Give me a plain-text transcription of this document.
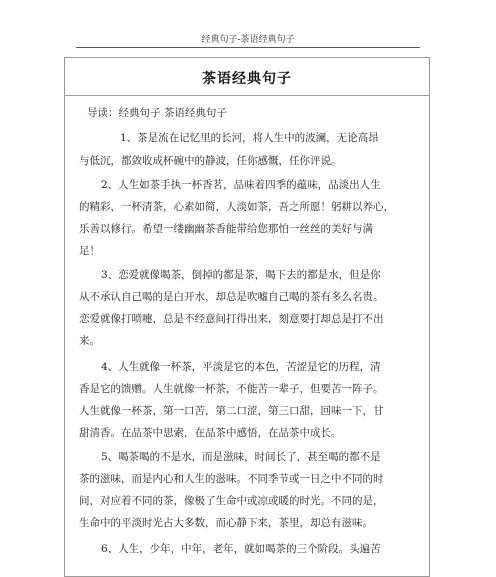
经典句子-茶语经典句子
茶语经典句子
导读：经典句子 茶语经典句子
1、茶是流在记忆里的长河，将人生中的波澜，无论高昂
与低沉，都敛收成杯碗中的静波，任你感慨，任你评说。
2、人生如茶手执一杯香茗，品味着四季的蕴味，品淡出人生
的精彩，一杯清茶，心素如简，人淡如茶，吾之所愿！躬耕以养心，
乐善以修行。希望一缕幽幽茶香能带给您那怕一丝丝的美好与满
足！
3、恋爱就像喝茶，倒掉的都是茶，喝下去的都是水，但是你
从不承认自己喝的是白开水，却总是吹嘘自己喝的茶有多么名贵。
恋爱就像打喷嚏，总是不经意间打得出来，刻意要打却总是打不出
来。
4、人生就像一杯茶，平淡是它的本色，苦涩是它的历程，清
香是它的馈赠。人生就像一杯茶，不能苦一辈子，但要苦一阵子。
人生就像一杯茶，第一口苦，第二口涩，第三口甜，回味一下，甘
甜清香。在品茶中思索，在品茶中感悟，在品茶中成长。
5、喝茶喝的不是水，而是滋味，时间长了，甚至喝的都不是
茶的滋味，而是内心和人生的滋味。不同季节或一日之中不同的时
间，对应着不同的茶，像极了生命中或凉或暖的时光。不同的是，
生命中的平淡时光占大多数，而心静下来，茶里，却总有滋味。
6、人生，少年，中年，老年，就如喝茶的三个阶段。头遍苦
